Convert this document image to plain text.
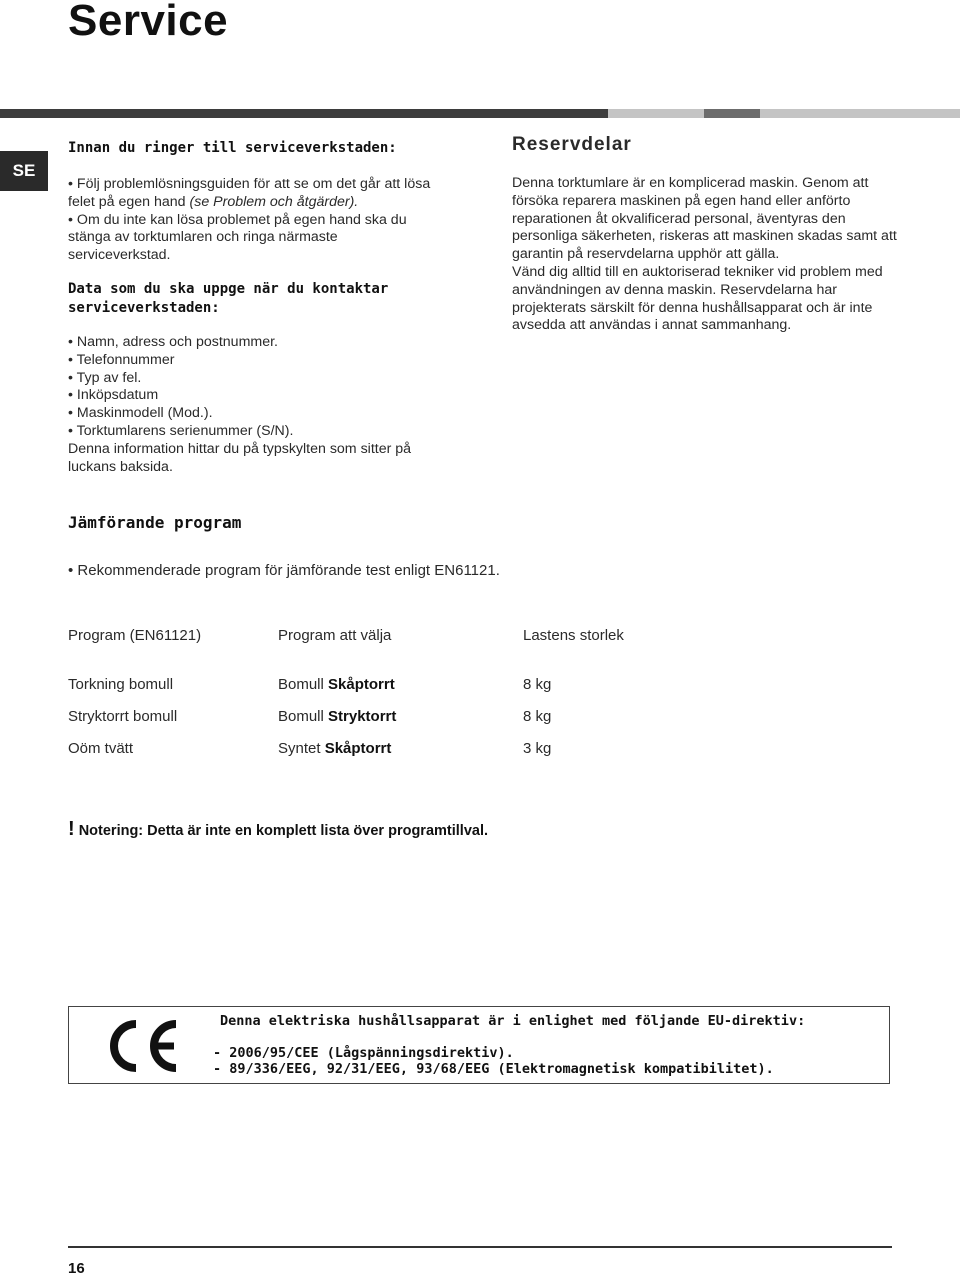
Service
SE
Innan du ringer till serviceverkstaden:

• Följ problemlösningsguiden för att se om det går att lösa felet på egen hand (se Problem och åtgärder).

• Om du inte kan lösa problemet på egen hand ska du stänga av torktumlaren och ringa närmaste serviceverkstad.

Data som du ska uppge när du kontaktar serviceverkstaden:
• Namn, adress och postnummer.
• Telefonnummer
• Typ av fel.
• Inköpsdatum
• Maskinmodell (Mod.).
• Torktumlarens serienummer (S/N).

Denna information hittar du på typskylten som sitter på luckans baksida.

Reservdelar

Denna torktumlare är en komplicerad maskin. Genom att försöka reparera maskinen på egen hand eller anförto reparationen åt okvalificerad personal, äventyras den personliga säkerheten, riskeras att maskinen skadas samt att garantin på reservdelarna upphör att gälla.

Vänd dig alltid till en auktoriserad tekniker vid problem med användningen av denna maskin. Reservdelarna har projekterats särskilt för denna hushållsapparat och är inte avsedda att användas i annat sammanhang.

Jämförande program
• Rekommenderade program för jämförande test enligt EN61121.
Program (EN61121)	Program att välja	Lastens storlek
Torkning bomull	Bomull Skåptorrt	8 kg
Stryktorrt bomull	Bomull Stryktorrt	8 kg
Oöm tvätt	Syntet Skåptorrt	3 kg
! Notering: Detta är inte en komplett lista över programtillval.
Denna elektriska hushållsapparat är i enlighet med följande EU-direktiv:
- 2006/95/CEE (Lågspänningsdirektiv).
- 89/336/EEG, 92/31/EEG, 93/68/EEG (Elektromagnetisk kompatibilitet).
16
